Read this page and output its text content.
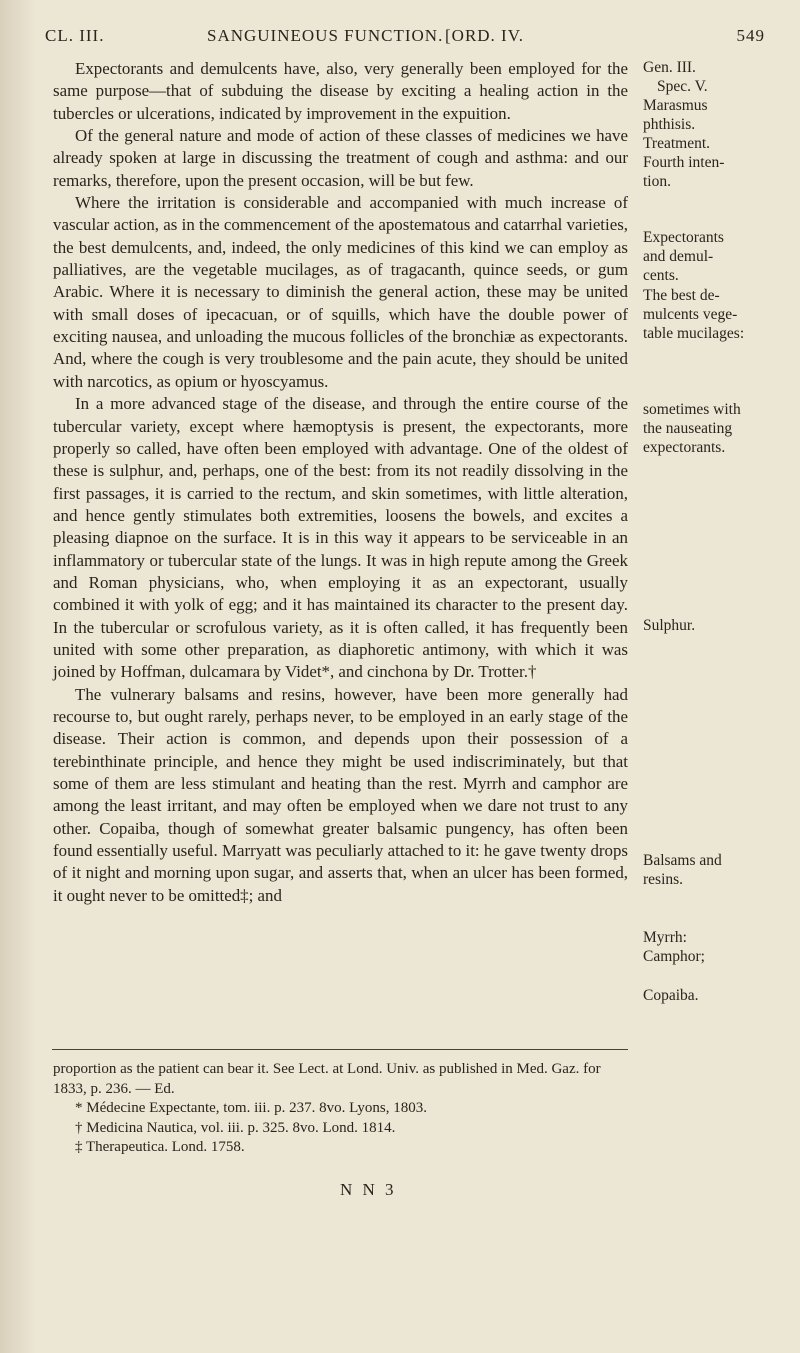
CL. III.	SANGUINEOUS FUNCTION. [ORD. IV.	549

Expectorants and demulcents have, also, very generally been employed for the same purpose—that of subduing the disease by exciting a healing action in the tubercles or ulcerations, indicated by improvement in the expuition.

Of the general nature and mode of action of these classes of medicines we have already spoken at large in discussing the treatment of cough and asthma: and our remarks, therefore, upon the present occasion, will be but few.

Where the irritation is considerable and accompanied with much increase of vascular action, as in the commencement of the apostematous and catarrhal varieties, the best demulcents, and, indeed, the only medicines of this kind we can employ as palliatives, are the vegetable mucilages, as of tragacanth, quince seeds, or gum Arabic. Where it is necessary to diminish the general action, these may be united with small doses of ipecacuan, or of squills, which have the double power of exciting nausea, and unloading the mucous follicles of the bronchiæ as expectorants. And, where the cough is very troublesome and the pain acute, they should be united with narcotics, as opium or hyoscyamus.

In a more advanced stage of the disease, and through the entire course of the tubercular variety, except where hæmoptysis is present, the expectorants, more properly so called, have often been employed with advantage. One of the oldest of these is sulphur, and, perhaps, one of the best: from its not readily dissolving in the first passages, it is carried to the rectum, and skin sometimes, with little alteration, and hence gently stimulates both extremities, loosens the bowels, and excites a pleasing diapnoe on the surface. It is in this way it appears to be serviceable in an inflammatory or tubercular state of the lungs. It was in high repute among the Greek and Roman physicians, who, when employing it as an expectorant, usually combined it with yolk of egg; and it has maintained its character to the present day. In the tubercular or scrofulous variety, as it is often called, it has frequently been united with some other preparation, as diaphoretic antimony, with which it was joined by Hoffman, dulcamara by Videt*, and cinchona by Dr. Trotter.†

The vulnerary balsams and resins, however, have been more generally had recourse to, but ought rarely, perhaps never, to be employed in an early stage of the disease. Their action is common, and depends upon their possession of a terebinthinate principle, and hence they might be used indiscriminately, but that some of them are less stimulant and heating than the rest. Myrrh and camphor are among the least irritant, and may often be employed when we dare not trust to any other. Copaiba, though of somewhat greater balsamic pungency, has often been found essentially useful. Marryatt was peculiarly attached to it: he gave twenty drops of it night and morning upon sugar, and asserts that, when an ulcer has been formed, it ought never to be omitted‡; and

proportion as the patient can bear it. See Lect. at Lond. Univ. as published in Med. Gaz. for 1833, p. 236. — Ed.

* Médecine Expectante, tom. iii. p. 237. 8vo. Lyons, 1803.

† Medicina Nautica, vol. iii. p. 325. 8vo. Lond. 1814.

‡ Therapeutica. Lond. 1758.

N N 3
Gen. III.
Spec. V.
Marasmus
phthisis.
Treatment.
Fourth inten-
tion.
Expectorants
and demul-
cents.
The best de-
mulcents vege-
table mucilages:
sometimes with
the nauseating
expectorants.
Sulphur.
Balsams and
resins.
Myrrh:
Camphor;
Copaiba.
